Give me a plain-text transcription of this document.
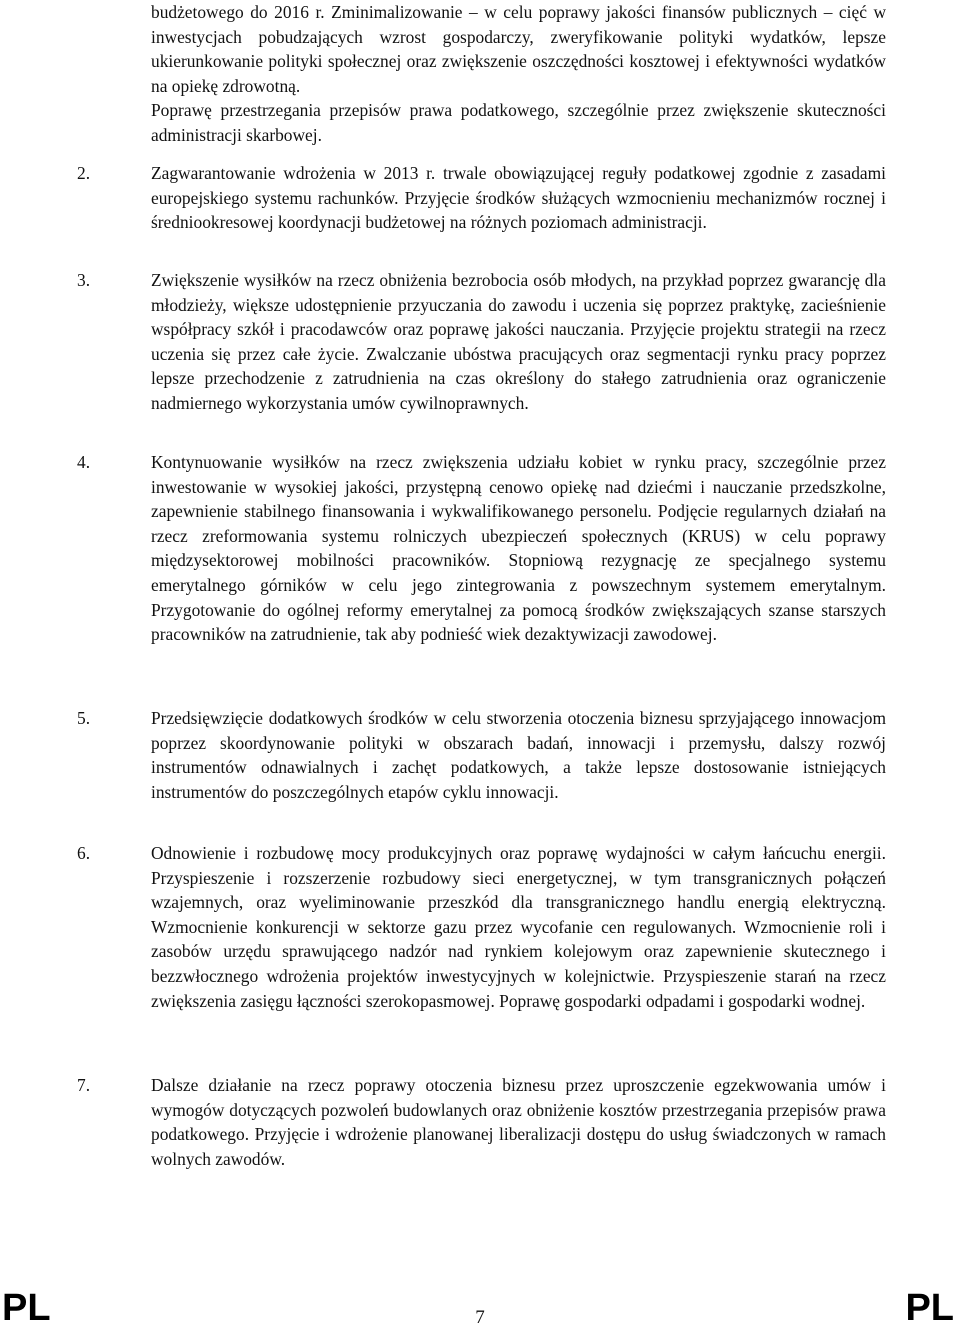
budżetowego do 2016 r. Zminimalizowanie – w celu poprawy jakości finansów publicznych – cięć w inwestycjach pobudzających wzrost gospodarczy, zweryfikowanie polityki wydatków, lepsze ukierunkowanie polityki społecznej oraz zwiększenie oszczędności kosztowej i efektywności wydatków na opiekę zdrowotną.

Poprawę przestrzegania przepisów prawa podatkowego, szczególnie przez zwiększenie skuteczności administracji skarbowej.

2.	Zagwarantowanie wdrożenia w 2013 r. trwale obowiązującej reguły podatkowej zgodnie z zasadami europejskiego systemu rachunków. Przyjęcie środków służących wzmocnieniu mechanizmów rocznej i średniookresowej koordynacji budżetowej na różnych poziomach administracji.
3.	Zwiększenie wysiłków na rzecz obniżenia bezrobocia osób młodych, na przykład poprzez gwarancję dla młodzieży, większe udostępnienie przyuczania do zawodu i uczenia się poprzez praktykę, zacieśnienie współpracy szkół i pracodawców oraz poprawę jakości nauczania. Przyjęcie projektu strategii na rzecz uczenia się przez całe życie. Zwalczanie ubóstwa pracujących oraz segmentacji rynku pracy poprzez lepsze przechodzenie z zatrudnienia na czas określony do stałego zatrudnienia oraz ograniczenie nadmiernego wykorzystania umów cywilnoprawnych.
4.	Kontynuowanie wysiłków na rzecz zwiększenia udziału kobiet w rynku pracy, szczególnie przez inwestowanie w wysokiej jakości, przystępną cenowo opiekę nad dziećmi i nauczanie przedszkolne, zapewnienie stabilnego finansowania i wykwalifikowanego personelu. Podjęcie regularnych działań na rzecz zreformowania systemu rolniczych ubezpieczeń społecznych (KRUS) w celu poprawy międzysektorowej mobilności pracowników. Stopniową rezygnację ze specjalnego systemu emerytalnego górników w celu jego zintegrowania z powszechnym systemem emerytalnym. Przygotowanie do ogólnej reformy emerytalnej za pomocą środków zwiększających szanse starszych pracowników na zatrudnienie, tak aby podnieść wiek dezaktywizacji zawodowej.
5.	Przedsięwzięcie dodatkowych środków w celu stworzenia otoczenia biznesu sprzyjającego innowacjom poprzez skoordynowanie polityki w obszarach badań, innowacji i przemysłu, dalszy rozwój instrumentów odnawialnych i zachęt podatkowych, a także lepsze dostosowanie istniejących instrumentów do poszczególnych etapów cyklu innowacji.
6.	Odnowienie i rozbudowę mocy produkcyjnych oraz poprawę wydajności w całym łańcuchu energii. Przyspieszenie i rozszerzenie rozbudowy sieci energetycznej, w tym transgranicznych połączeń wzajemnych, oraz wyeliminowanie przeszkód dla transgranicznego handlu energią elektryczną. Wzmocnienie konkurencji w sektorze gazu przez wycofanie cen regulowanych. Wzmocnienie roli i zasobów urzędu sprawującego nadzór nad rynkiem kolejowym oraz zapewnienie skutecznego i bezzwłocznego wdrożenia projektów inwestycyjnych w kolejnictwie. Przyspieszenie starań na rzecz zwiększenia zasięgu łączności szerokopasmowej. Poprawę gospodarki odpadami i gospodarki wodnej.
7.	Dalsze działanie na rzecz poprawy otoczenia biznesu przez uproszczenie egzekwowania umów i wymogów dotyczących pozwoleń budowlanych oraz obniżenie kosztów przestrzegania przepisów prawa podatkowego. Przyjęcie i wdrożenie planowanej liberalizacji dostępu do usług świadczonych w ramach wolnych zawodów.
PL	7	PL
